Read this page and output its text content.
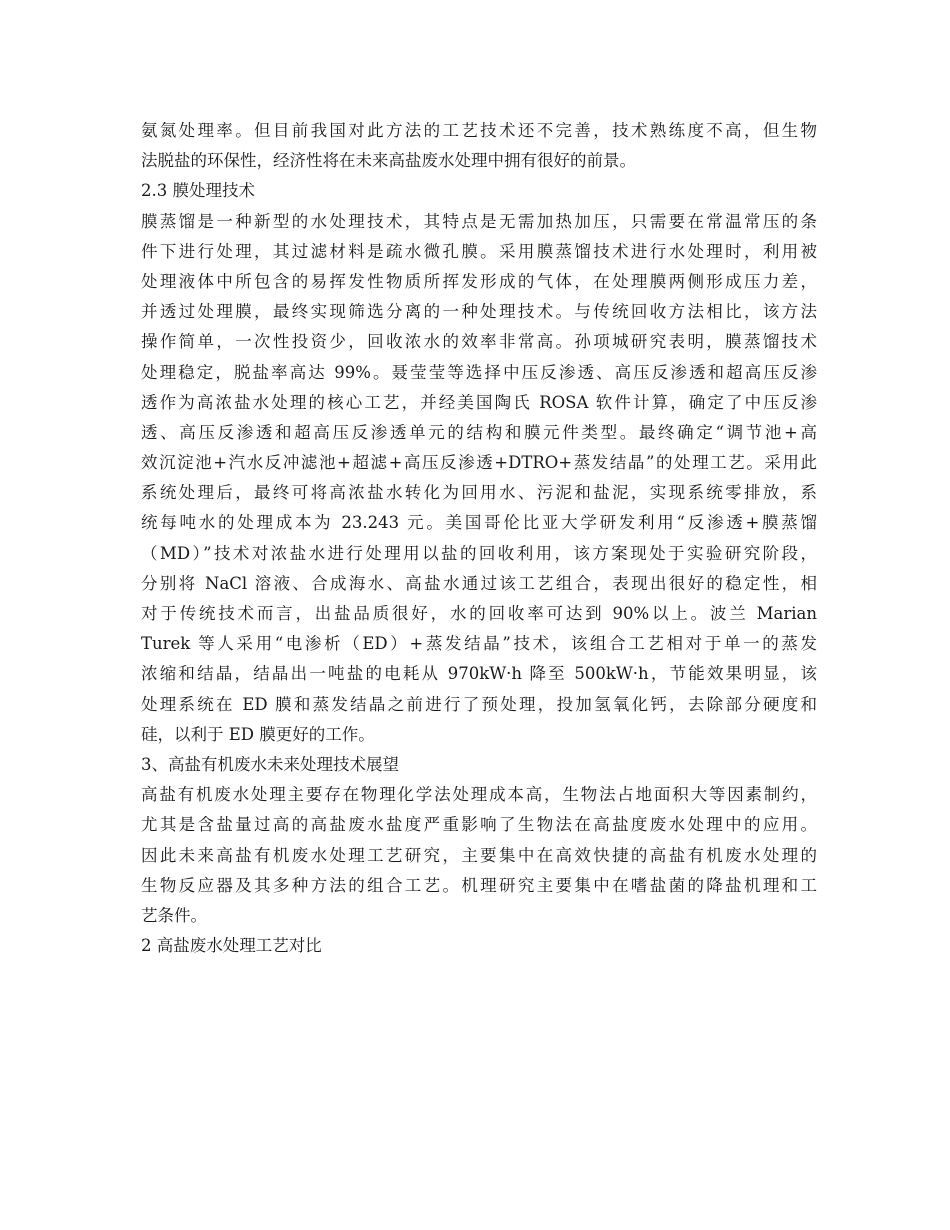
氨氮处理率。但目前我国对此方法的工艺技术还不完善，技术熟练度不高，但生物
法脱盐的环保性，经济性将在未来高盐废水处理中拥有很好的前景。
2.3 膜处理技术
膜蒸馏是一种新型的水处理技术，其特点是无需加热加压，只需要在常温常压的条
件下进行处理，其过滤材料是疏水微孔膜。采用膜蒸馏技术进行水处理时，利用被
处理液体中所包含的易挥发性物质所挥发形成的气体，在处理膜两侧形成压力差，
并透过处理膜，最终实现筛选分离的一种处理技术。与传统回收方法相比，该方法
操作简单，一次性投资少，回收浓水的效率非常高。孙项城研究表明，膜蒸馏技术
处理稳定，脱盐率高达 99%。聂莹莹等选择中压反渗透、高压反渗透和超高压反渗
透作为高浓盐水处理的核心工艺，并经美国陶氏 ROSA 软件计算，确定了中压反渗
透、高压反渗透和超高压反渗透单元的结构和膜元件类型。最终确定“调节池+高
效沉淀池+汽水反冲滤池+超滤+高压反渗透+DTRO+蒸发结晶”的处理工艺。采用此
系统处理后，最终可将高浓盐水转化为回用水、污泥和盐泥，实现系统零排放，系
统每吨水的处理成本为 23.243 元。美国哥伦比亚大学研发利用“反渗透+膜蒸馏
（MD）”技术对浓盐水进行处理用以盐的回收利用，该方案现处于实验研究阶段，
分别将 NaCl 溶液、合成海水、高盐水通过该工艺组合，表现出很好的稳定性，相
对于传统技术而言，出盐品质很好，水的回收率可达到 90%以上。波兰 Marian
Turek 等人采用“电渗析（ED）+蒸发结晶”技术，该组合工艺相对于单一的蒸发
浓缩和结晶，结晶出一吨盐的电耗从 970kW·h 降至 500kW·h，节能效果明显，该
处理系统在 ED 膜和蒸发结晶之前进行了预处理，投加氢氧化钙，去除部分硬度和
硅，以利于 ED 膜更好的工作。
3、高盐有机废水未来处理技术展望
高盐有机废水处理主要存在物理化学法处理成本高，生物法占地面积大等因素制约，
尤其是含盐量过高的高盐废水盐度严重影响了生物法在高盐度废水处理中的应用。
因此未来高盐有机废水处理工艺研究，主要集中在高效快捷的高盐有机废水处理的
生物反应器及其多种方法的组合工艺。机理研究主要集中在嗜盐菌的降盐机理和工
艺条件。
2 高盐废水处理工艺对比
